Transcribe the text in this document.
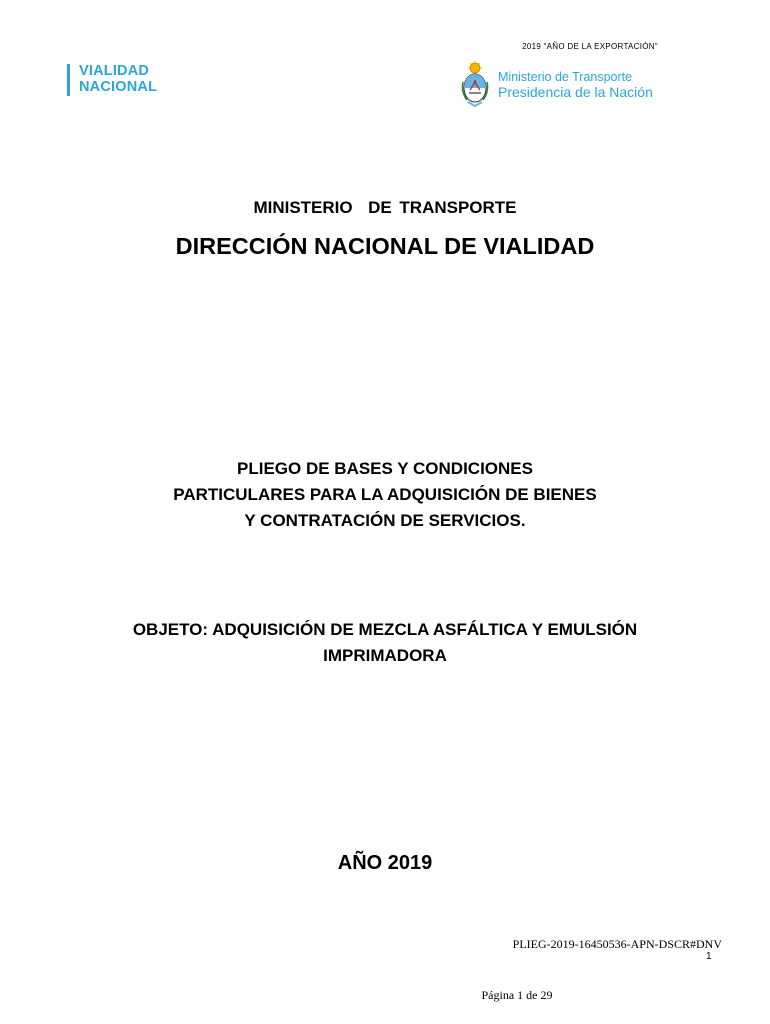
2019 “AÑO DE LA EXPORTACIÓN”
VIALIDAD
NACIONAL
Ministerio de Transporte
Presidencia de la Nación
MINISTERIO  DE TRANSPORTE
DIRECCIÓN NACIONAL DE VIALIDAD
PLIEGO DE BASES Y CONDICIONES
PARTICULARES PARA LA ADQUISICIÓN DE BIENES
Y CONTRATACIÓN DE SERVICIOS.
OBJETO: ADQUISICIÓN DE MEZCLA ASFÁLTICA Y EMULSIÓN
IMPRIMADORA
AÑO 2019
PLIEG-2019-16450536-APN-DSCR#DNV
1
Página 1 de 29
